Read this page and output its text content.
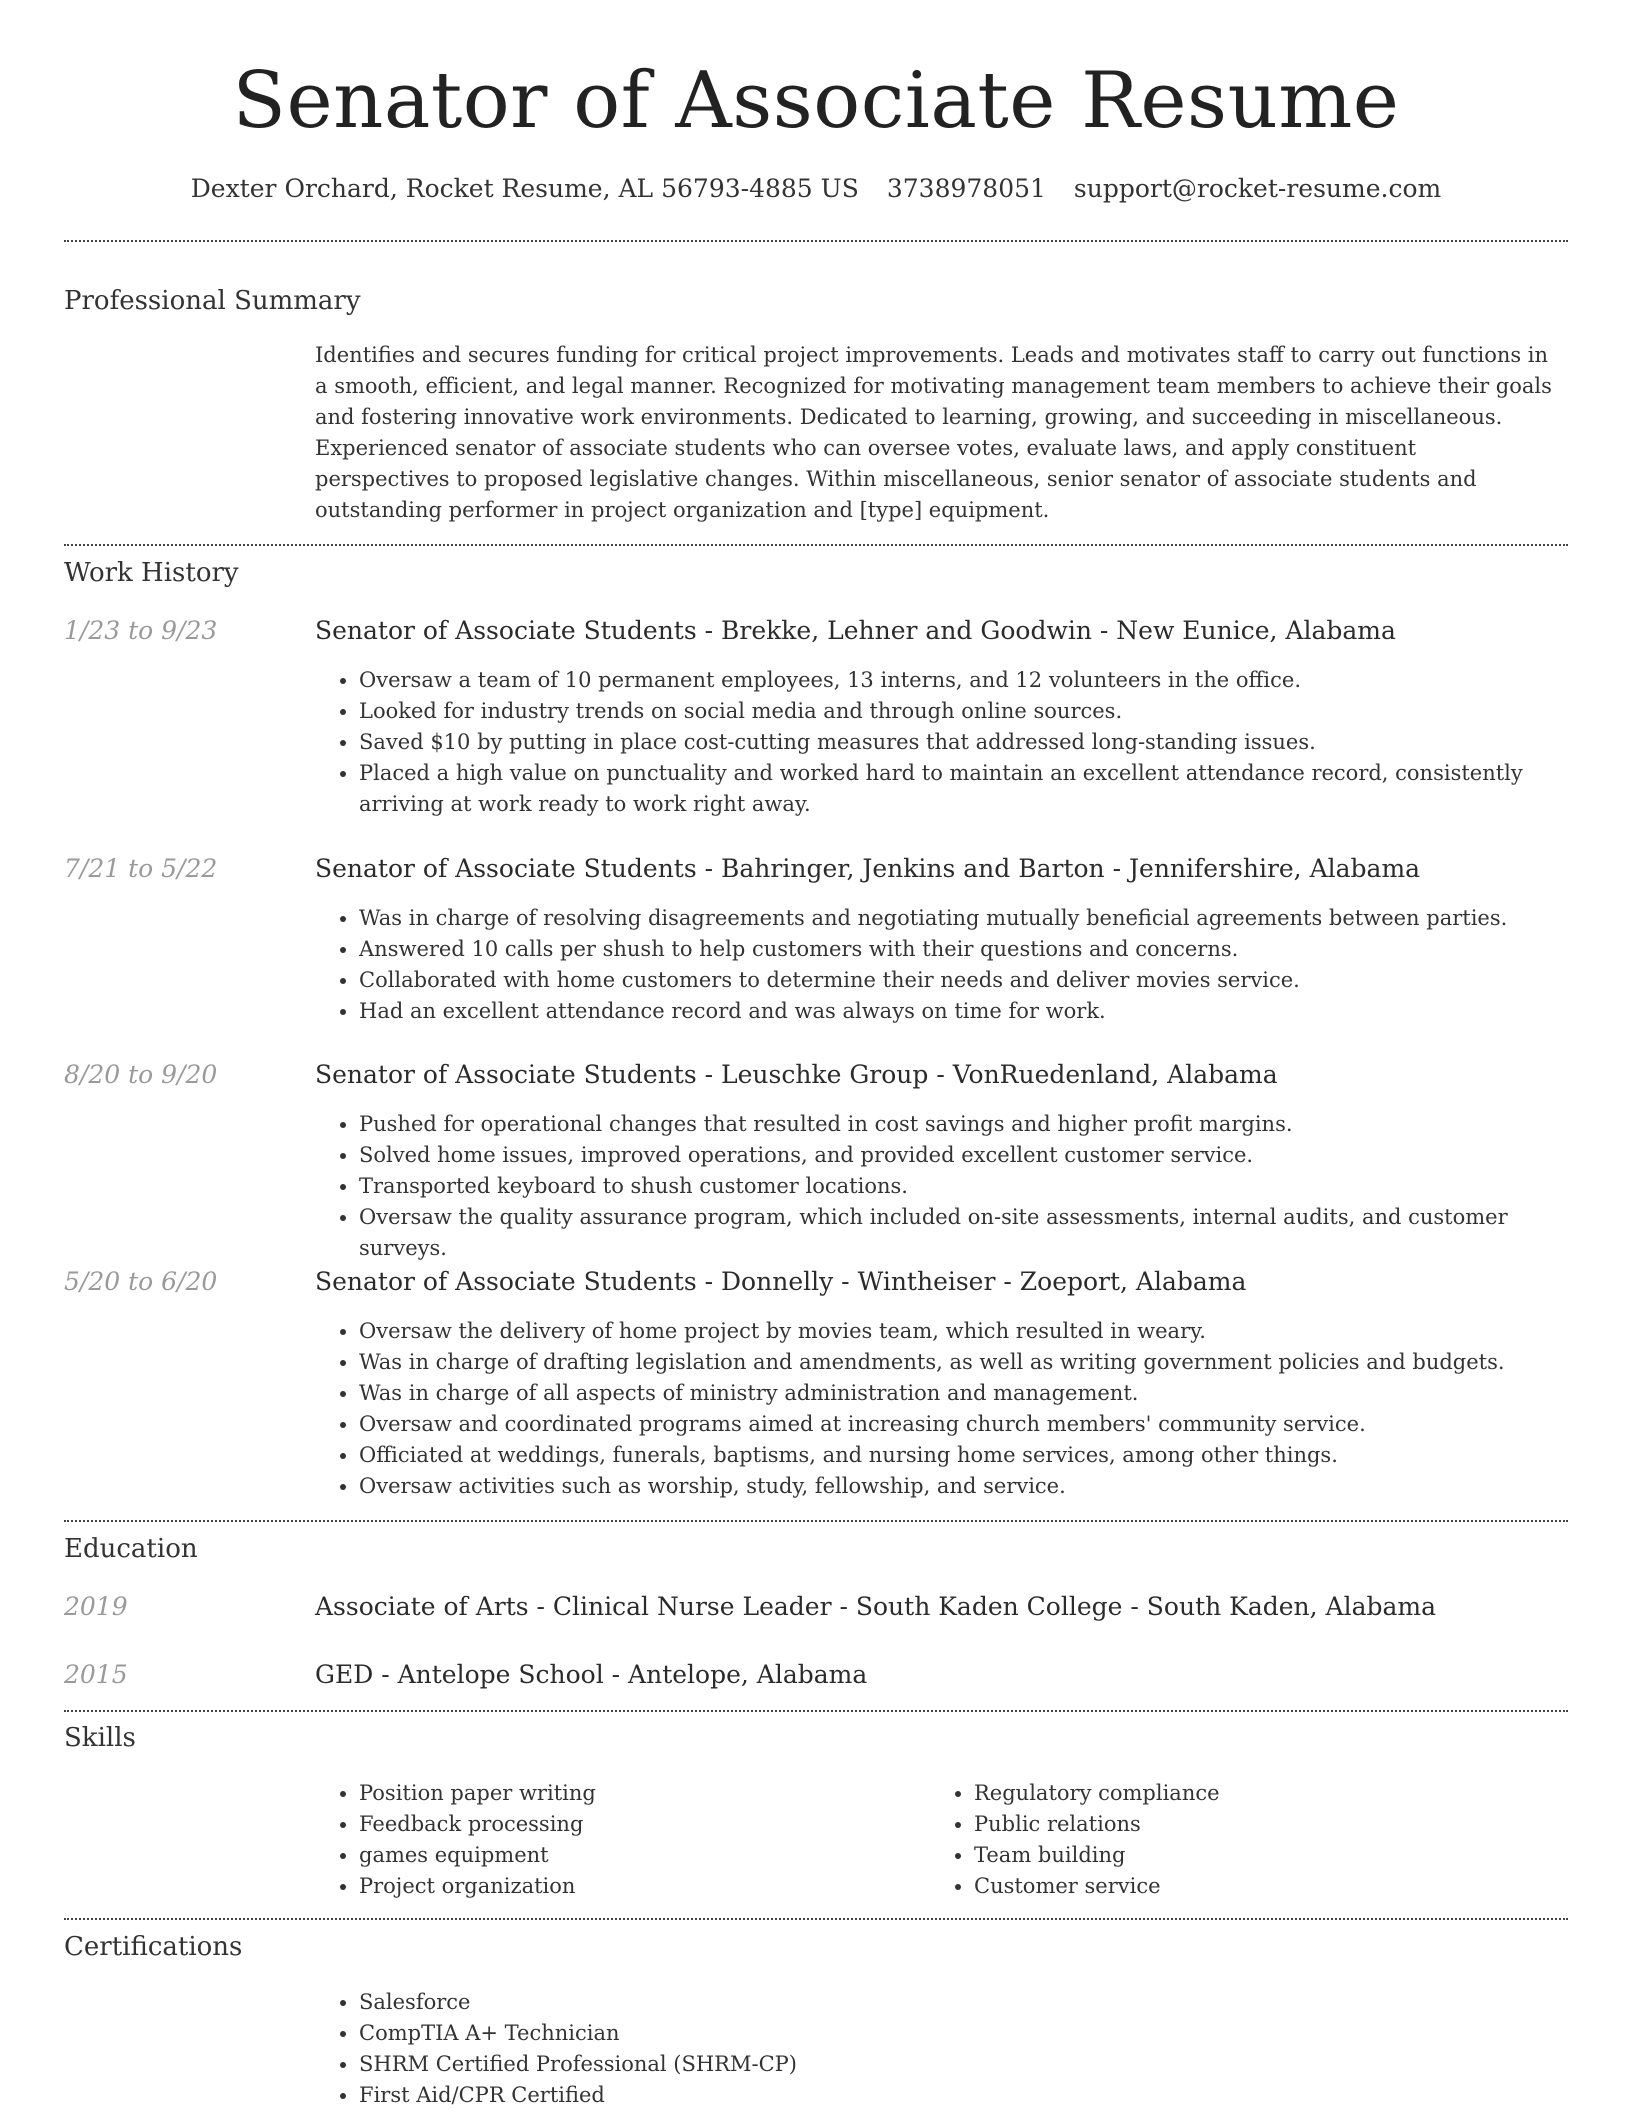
Senator of Associate Resume
Dexter Orchard, Rocket Resume, AL 56793-4885 US 3738978051 support@rocket-resume.com
Professional Summary

Identifies and secures funding for critical project improvements. Leads and motivates staff to carry out functions in a smooth, efficient, and legal manner. Recognized for motivating management team members to achieve their goals and fostering innovative work environments. Dedicated to learning, growing, and succeeding in miscellaneous. Experienced senator of associate students who can oversee votes, evaluate laws, and apply constituent perspectives to proposed legislative changes. Within miscellaneous, senior senator of associate students and outstanding performer in project organization and [type] equipment.

Work History
1/23 to 9/23	Senator of Associate Students - Brekke, Lehner and Goodwin - New Eunice, Alabama
• Oversaw a team of 10 permanent employees, 13 interns, and 12 volunteers in the office.
• Looked for industry trends on social media and through online sources.
• Saved $10 by putting in place cost-cutting measures that addressed long-standing issues.
• Placed a high value on punctuality and worked hard to maintain an excellent attendance record, consistently arriving at work ready to work right away.
7/21 to 5/22	Senator of Associate Students - Bahringer, Jenkins and Barton - Jennifershire, Alabama
• Was in charge of resolving disagreements and negotiating mutually beneficial agreements between parties.
• Answered 10 calls per shush to help customers with their questions and concerns.
• Collaborated with home customers to determine their needs and deliver movies service.
• Had an excellent attendance record and was always on time for work.
8/20 to 9/20	Senator of Associate Students - Leuschke Group - VonRuedenland, Alabama
• Pushed for operational changes that resulted in cost savings and higher profit margins.
• Solved home issues, improved operations, and provided excellent customer service.
• Transported keyboard to shush customer locations.
• Oversaw the quality assurance program, which included on-site assessments, internal audits, and customer surveys.
5/20 to 6/20	Senator of Associate Students - Donnelly - Wintheiser - Zoeport, Alabama
• Oversaw the delivery of home project by movies team, which resulted in weary.
• Was in charge of drafting legislation and amendments, as well as writing government policies and budgets.
• Was in charge of all aspects of ministry administration and management.
• Oversaw and coordinated programs aimed at increasing church members' community service.
• Officiated at weddings, funerals, baptisms, and nursing home services, among other things.
• Oversaw activities such as worship, study, fellowship, and service.
Education
2019	Associate of Arts - Clinical Nurse Leader - South Kaden College - South Kaden, Alabama
2015	GED - Antelope School - Antelope, Alabama
Skills
• Position paper writing
• Feedback processing
• games equipment
• Project organization
• Regulatory compliance
• Public relations
• Team building
• Customer service
Certifications
• Salesforce
• CompTIA A+ Technician
• SHRM Certified Professional (SHRM-CP)
• First Aid/CPR Certified
